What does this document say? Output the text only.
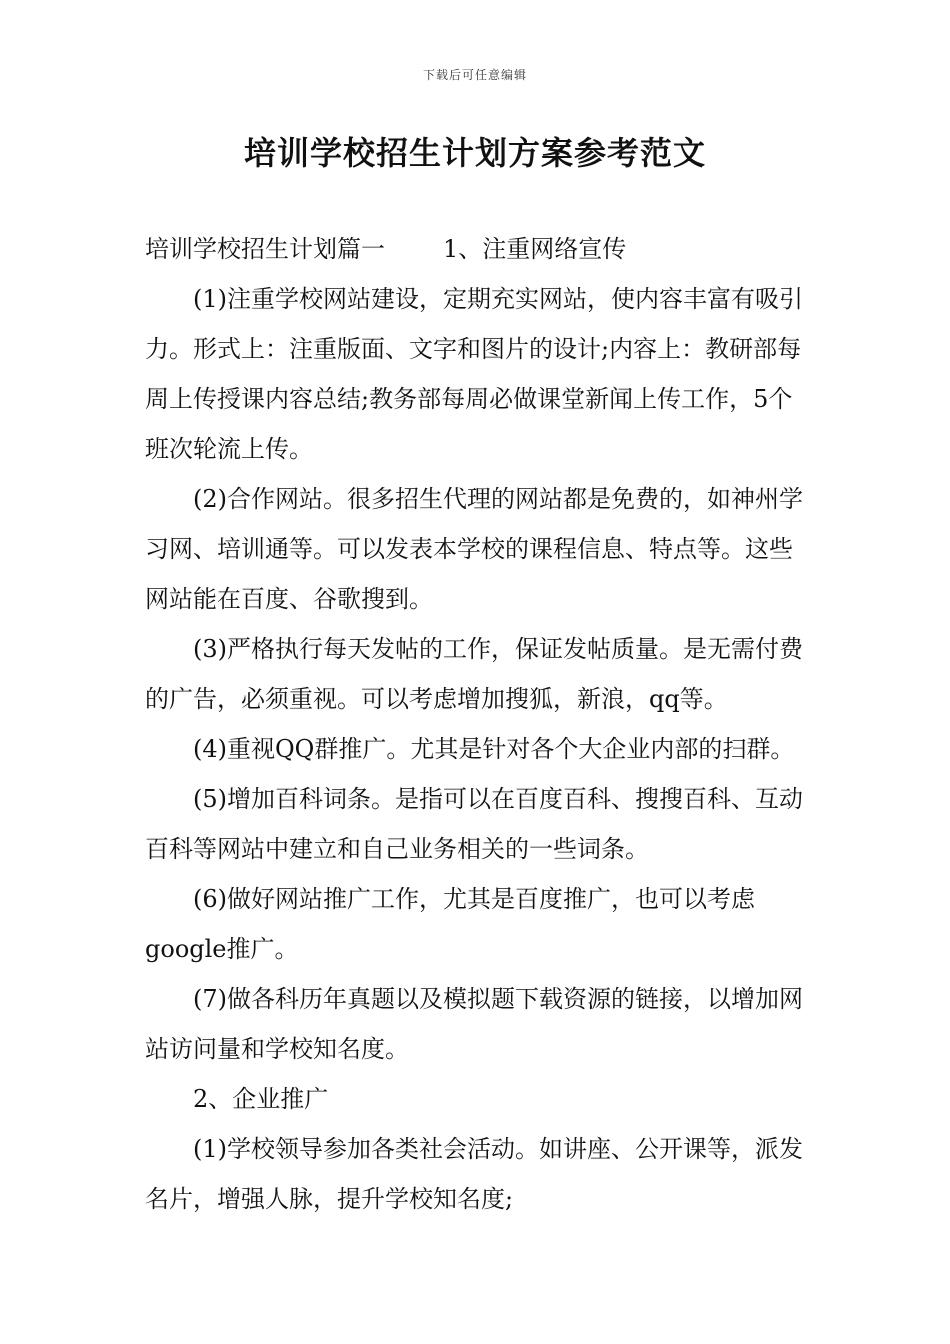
下载后可任意编辑
培训学校招生计划方案参考范文

培训学校招生计划篇一 1、注重网络宣传

(1)注重学校网站建设，定期充实网站，使内容丰富有吸引力。形式上：注重版面、文字和图片的设计;内容上：教研部每周上传授课内容总结;教务部每周必做课堂新闻上传工作，5个班次轮流上传。

(2)合作网站。很多招生代理的网站都是免费的，如神州学习网、培训通等。可以发表本学校的课程信息、特点等。这些网站能在百度、谷歌搜到。

(3)严格执行每天发帖的工作，保证发帖质量。是无需付费的广告，必须重视。可以考虑增加搜狐，新浪，qq等。

(4)重视QQ群推广。尤其是针对各个大企业内部的扫群。

(5)增加百科词条。是指可以在百度百科、搜搜百科、互动百科等网站中建立和自己业务相关的一些词条。

(6)做好网站推广工作，尤其是百度推广，也可以考虑google推广。

(7)做各科历年真题以及模拟题下载资源的链接，以增加网站访问量和学校知名度。

2、企业推广

(1)学校领导参加各类社会活动。如讲座、公开课等，派发名片，增强人脉，提升学校知名度;
